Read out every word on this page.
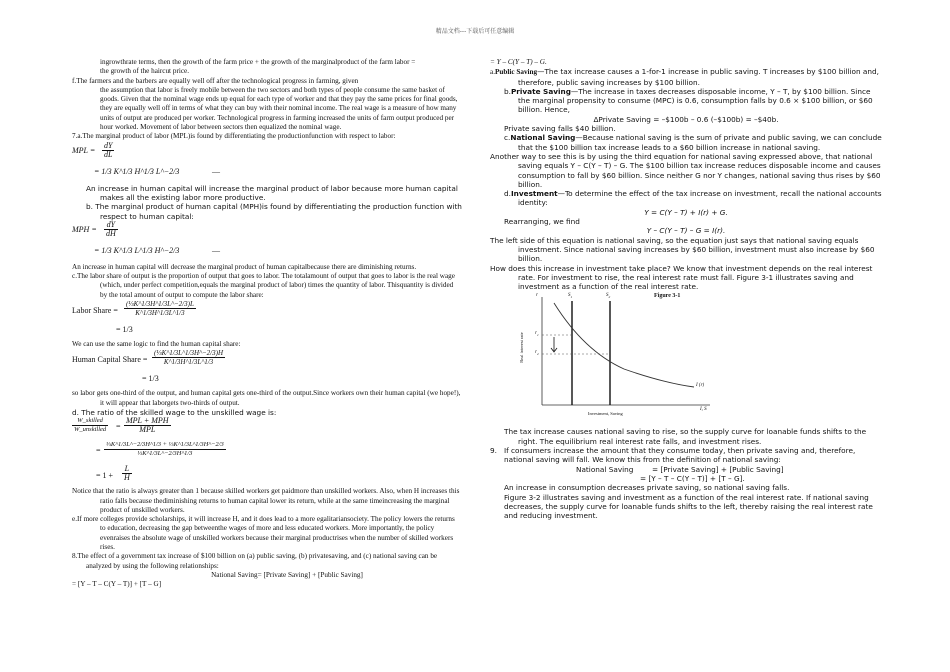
精品文档---下载后可任意编辑

ingrowthrate terms, then the growth of the farm price + the growth of the marginalproduct of the farm labor =

the growth of the haircut price.

f.The farmers and the barbers are equally well off after the technological progress in farming, given

the assumption that labor is freely mobile between the two sectors and both types of people consume the same basket of goods. Given that the nominal wage ends up equal for each type of worker and that they pay the same prices for final goods, they are equally well off in terms of what they can buy with their nominal income. The real wage is a measure of how many units of output are produced per worker. Technological progress in farming increased the units of farm output produced per hour worked. Movement of labor between sectors then equalized the nominal wage.

7.a.The marginal product of labor (MPL)is found by differentiating the productionfunction with respect to labor:

MPL = $\frac{dY}{dL}$
= 1/3 K^1/3 H^1/3 L^−2/3	—

An increase in human capital will increase the marginal product of labor because more human capital makes all the existing labor more productive.

b. The marginal product of human capital (MPH)is found by differentiating the production function with respect to human capital:

MPH = $\frac{dY}{dH}$
= 1/3 K^1/3 L^1/3 H^−2/3	—

An increase in human capital will decrease the marginal product of human capitalbecause there are diminishing returns.

c.The labor share of output is the proportion of output that goes to labor. The totalamount of output that goes to labor is the real wage (which, under perfect competition,equals the marginal product of labor) times the quantity of labor. Thisquantity is divided by the total amount of output to compute the labor share:

Labor Share = $\frac{\text{(⅓K\textasciicircum{}1/3H\textasciicircum{}1/3L\textasciicircum{}−2/3)L}}{K\^{}1/3H\^{}1/3L\^{}1/3}$
= 1/3

We can use the same logic to find the human capital share:

Human Capital Share = $\frac{\text{(⅓K\textasciicircum{}1/3L\textasciicircum{}1/3H\textasciicircum{}−2/3)H}}{K\^{}1/3H\^{}1/3L\^{}1/3}$
= 1/3

so labor gets one-third of the output, and human capital gets one-third of the output.Since workers own their human capital (we hope!), it will appear that laborgets two-thirds of output.

d. The ratio of the skilled wage to the unskilled wage is:

W_skilled
W_unskilled =
MPL + MPH
MPL
= $\frac{\text{⅓K\textasciicircum{}1/3L\textasciicircum{}−2/3H\textasciicircum{}1/3 + ⅓K\textasciicircum{}1/3L\textasciicircum{}1/3H\textasciicircum{}−2/3}}{\text{⅓K\textasciicircum{}1/3L\textasciicircum{}−2/3H\textasciicircum{}1/3}}$
= $1 + \frac{L}{H}$

Notice that the ratio is always greater than 1 because skilled workers get paidmore than unskilled workers. Also, when H increases this ratio falls because thediminishing returns to human capital lower its return, while at the same timeincreasing the marginal product of unskilled workers.

e.If more colleges provide scholarships, it will increase H, and it does lead to a more egalitariansociety. The policy lowers the returns to education, decreasing the gap betweenthe wages of more and less educated workers. More importantly, the policy evenraises the absolute wage of unskilled workers because their marginal productrises when the number of skilled workers rises.

8.The effect of a government tax increase of $100 billion on (a) public saving, (b) privatesaving, and (c) national saving can be analyzed by using the following relationships:

National Saving= [Private Saving] + [Public Saving]

= [Y – T – C(Y – T)] + [T – G]

= Y – C(Y – T) – G.

a.Public Saving—The tax increase causes a 1-for-1 increase in public saving. T increases by $100 billion and, therefore, public saving increases by $100 billion.

b.Private Saving—The increase in taxes decreases disposable income, Y – T, by $100 billion. Since the marginal propensity to consume (MPC) is 0.6, consumption falls by 0.6 × $100 billion, or $60 billion. Hence,

ΔPrivate Saving = –$100b – 0.6 (–$100b) = –$40b.

Private saving falls $40 billion.

c.National Saving—Because national saving is the sum of private and public saving, we can conclude that the $100 billion tax increase leads to a $60 billion increase in national saving.

Another way to see this is by using the third equation for national saving expressed above, that national saving equals Y – C(Y – T) – G. The $100 billion tax increase reduces disposable income and causes consumption to fall by $60 billion. Since neither G nor Y changes, national saving thus rises by $60 billion.

d.Investment—To determine the effect of the tax increase on investment, recall the national accounts identity:

Y = C(Y – T) + I(r) + G.

Rearranging, we find

Y – C(Y – T) – G = I(r).

The left side of this equation is national saving, so the equation just says that national saving equals investment. Since national saving increases by $60 billion, investment must also increase by $60 billion.

How does this increase in investment take place? We know that investment depends on the real interest rate. For investment to rise, the real interest rate must fall. Figure 3-1 illustrates saving and investment as a function of the real interest rate.

Figure 3-1
Real interest rate
Investment, Saving
r
I, S
$S_1$	$S_2$
$r_1$
$r_2$
I (r)

The tax increase causes national saving to rise, so the supply curve for loanable funds shifts to the right. The equilibrium real interest rate falls, and investment rises.

9. If consumers increase the amount that they consume today, then private saving and, therefore, national saving will fall. We know this from the definition of national saving:

National Saving        = [Private Saving] + [Public Saving]

= [Y – T – C(Y – T)] + [T – G].

An increase in consumption decreases private saving, so national saving falls.

Figure 3-2 illustrates saving and investment as a function of the real interest rate. If national saving decreases, the supply curve for loanable funds shifts to the left, thereby raising the real interest rate and reducing investment.
